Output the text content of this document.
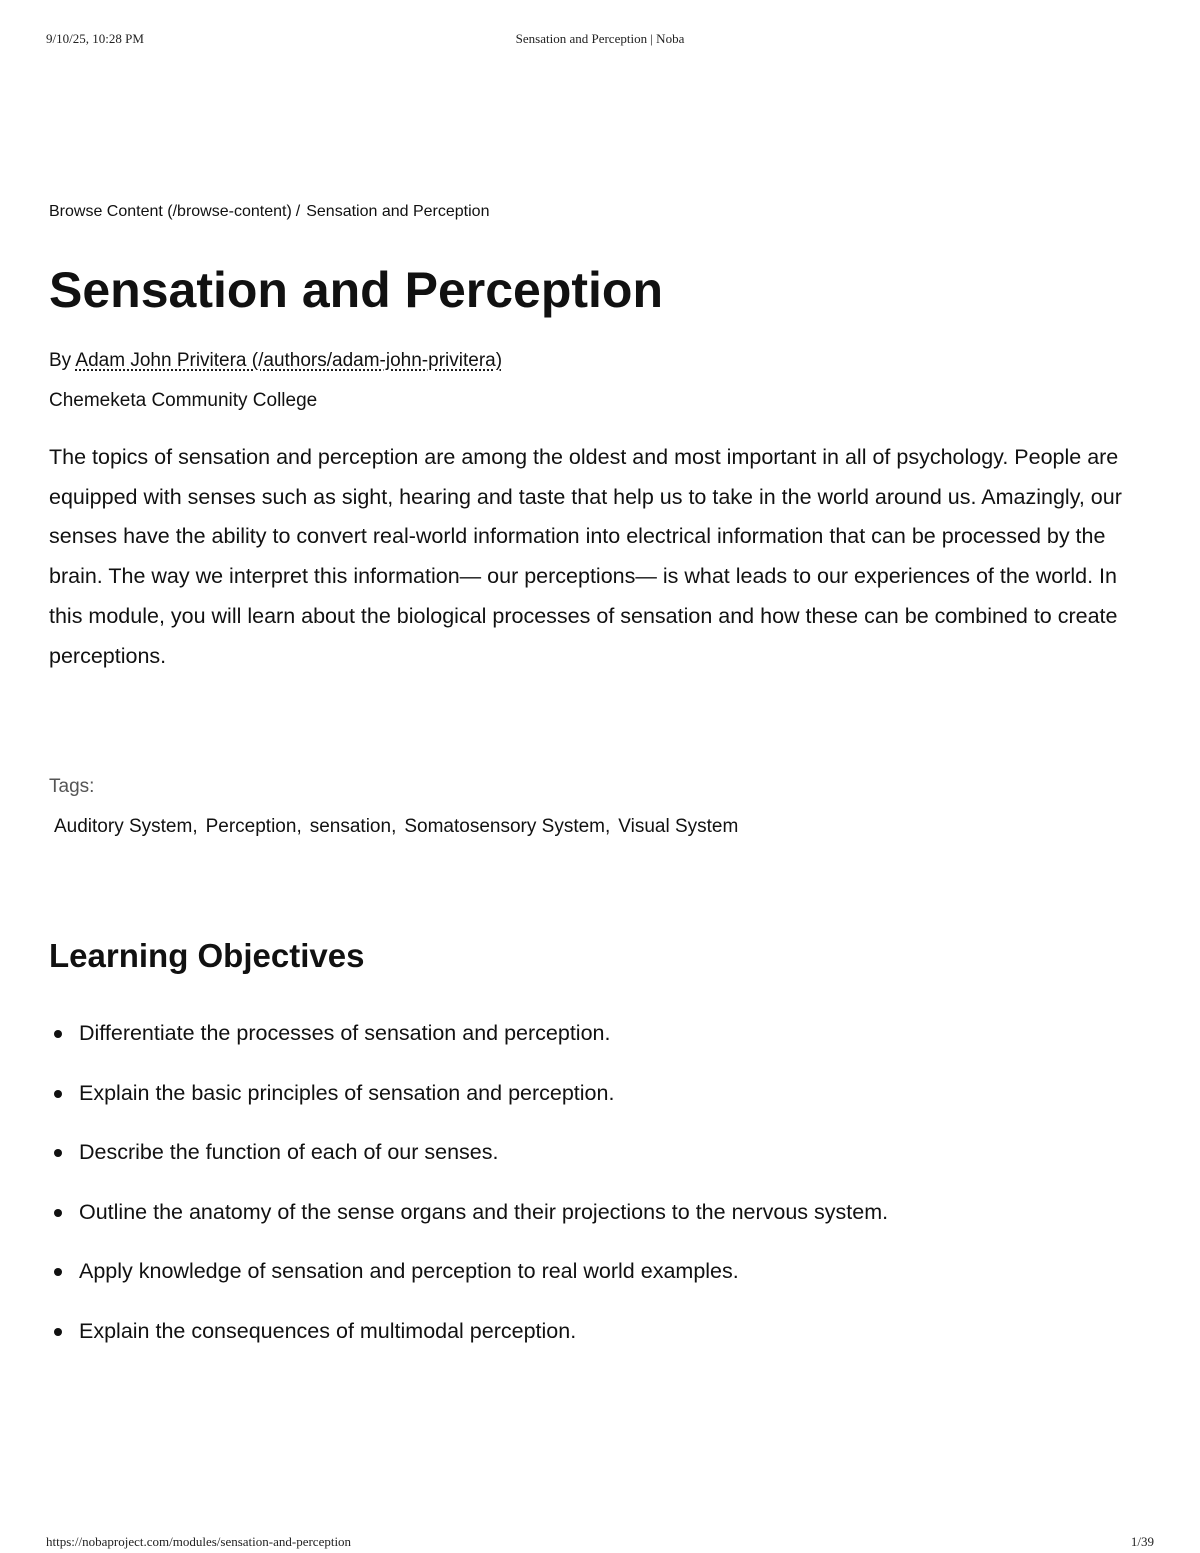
9/10/25, 10:28 PM	Sensation and Perception | Noba
Browse Content (/browse-content) / Sensation and Perception
Sensation and Perception
By Adam John Privitera (/authors/adam-john-privitera)
Chemeketa Community College

The topics of sensation and perception are among the oldest and most important in all of psychology. People are equipped with senses such as sight, hearing and taste that help us to take in the world around us. Amazingly, our senses have the ability to convert real-world information into electrical information that can be processed by the brain. The way we interpret this information— our perceptions— is what leads to our experiences of the world. In this module, you will learn about the biological processes of sensation and how these can be combined to create perceptions.

Tags:
Auditory System, Perception, sensation, Somatosensory System, Visual System
Learning Objectives
Differentiate the processes of sensation and perception.
Explain the basic principles of sensation and perception.
Describe the function of each of our senses.
Outline the anatomy of the sense organs and their projections to the nervous system.
Apply knowledge of sensation and perception to real world examples.
Explain the consequences of multimodal perception.
https://nobaproject.com/modules/sensation-and-perception	1/39
